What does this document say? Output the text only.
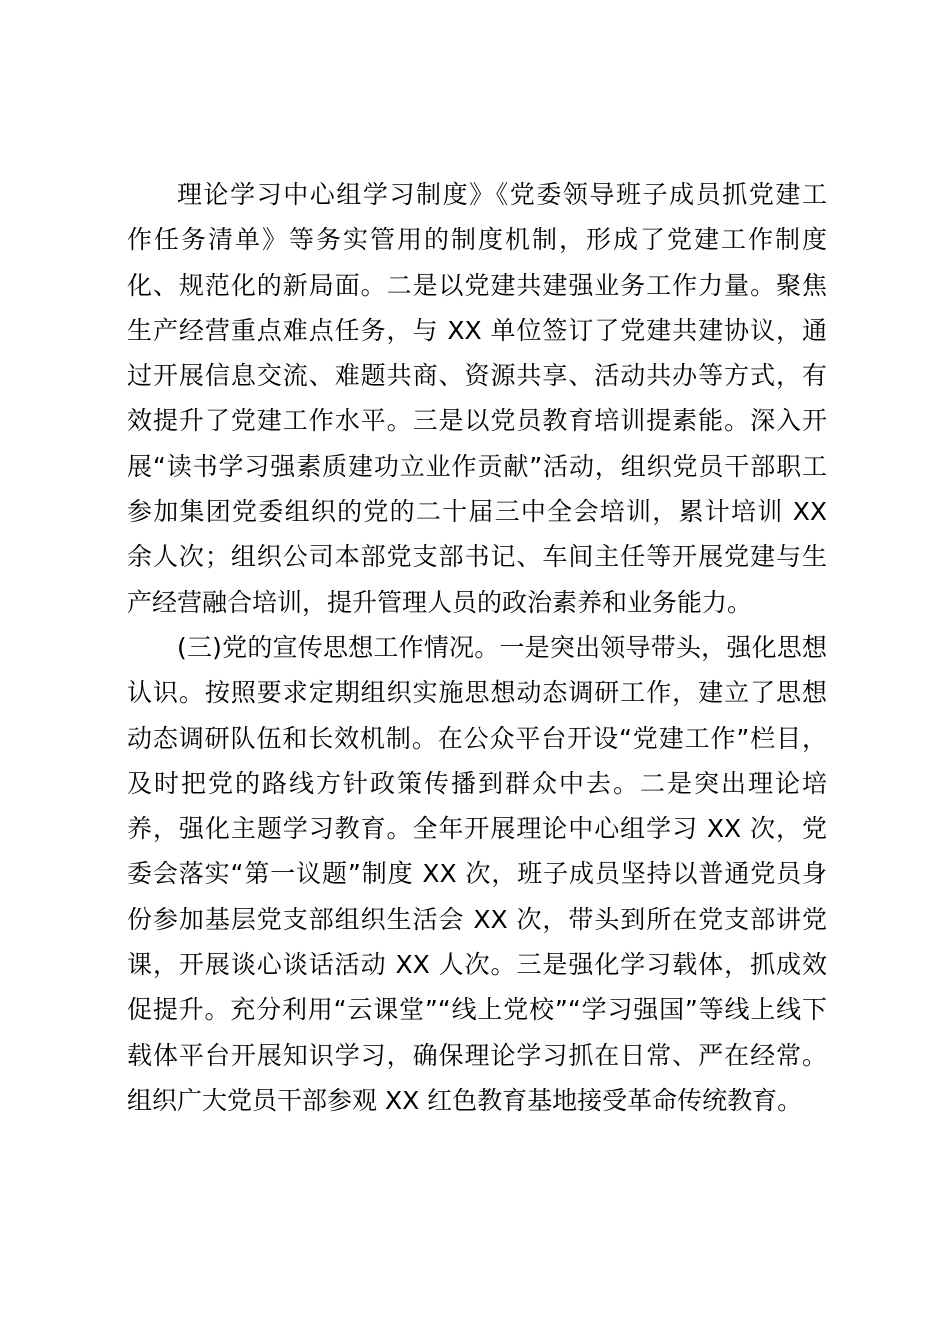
理论学习中心组学习制度》《党委领导班子成员抓党建工
作任务清单》等务实管用的制度机制，形成了党建工作制度
化、规范化的新局面。二是以党建共建强业务工作力量。聚焦
生产经营重点难点任务，与 XX 单位签订了党建共建协议，通
过开展信息交流、难题共商、资源共享、活动共办等方式，有
效提升了党建工作水平。三是以党员教育培训提素能。深入开
展“读书学习强素质建功立业作贡献”活动，组织党员干部职工
参加集团党委组织的党的二十届三中全会培训，累计培训 XX
余人次；组织公司本部党支部书记、车间主任等开展党建与生
产经营融合培训，提升管理人员的政治素养和业务能力。
(三)党的宣传思想工作情况。一是突出领导带头，强化思想
认识。按照要求定期组织实施思想动态调研工作，建立了思想
动态调研队伍和长效机制。在公众平台开设“党建工作”栏目，
及时把党的路线方针政策传播到群众中去。二是突出理论培
养，强化主题学习教育。全年开展理论中心组学习 XX 次，党
委会落实“第一议题”制度 XX 次，班子成员坚持以普通党员身
份参加基层党支部组织生活会 XX 次，带头到所在党支部讲党
课，开展谈心谈话活动 XX 人次。三是强化学习载体，抓成效
促提升。充分利用“云课堂”“线上党校”“学习强国”等线上线下
载体平台开展知识学习，确保理论学习抓在日常、严在经常。
组织广大党员干部参观 XX 红色教育基地接受革命传统教育。
